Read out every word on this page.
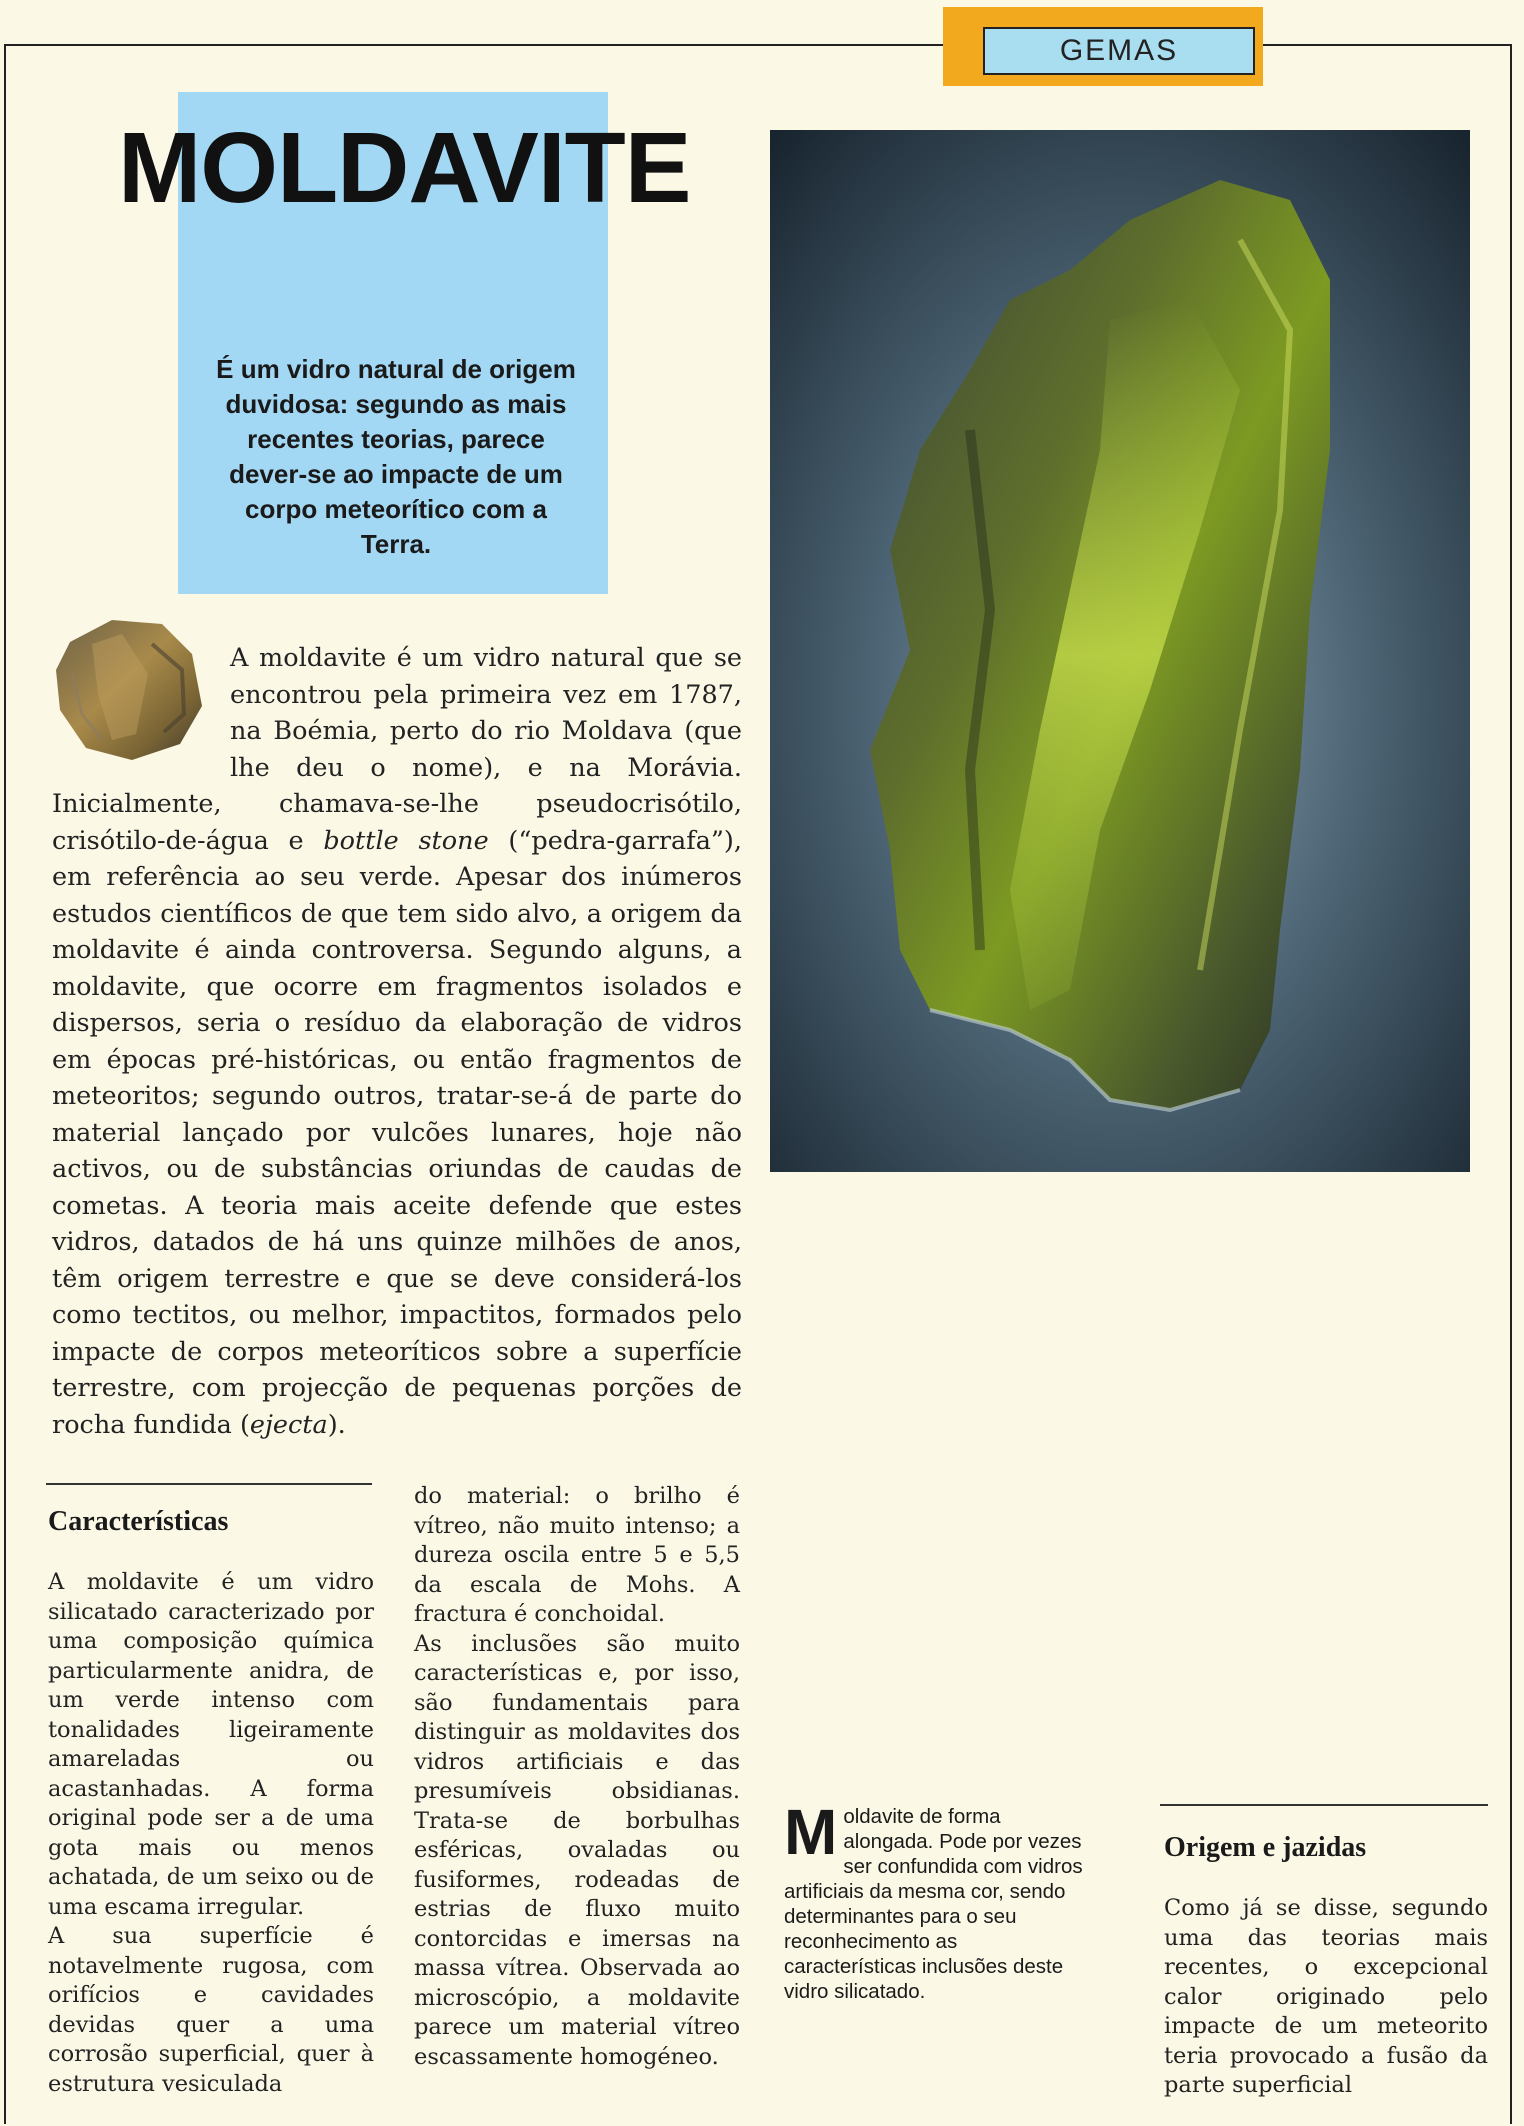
GEMAS
MOLDAVITE

É um vidro natural de origem duvidosa: segundo as mais recentes teorias, parece dever-se ao impacte de um corpo meteorítico com a Terra.

A moldavite é um vidro natural que se encontrou pela primeira vez em 1787, na Boémia, perto do rio Moldava (que lhe deu o nome), e na Morávia. Inicialmente, chamava-se-lhe pseudocrisótilo, crisótilo-de-água e bottle stone (“pedra-garrafa”), em referência ao seu verde. Apesar dos inúmeros estudos científicos de que tem sido alvo, a origem da moldavite é ainda controversa. Segundo alguns, a moldavite, que ocorre em fragmentos isolados e dispersos, seria o resíduo da elaboração de vidros em épocas pré-históricas, ou então fragmentos de meteoritos; segundo outros, tratar-se-á de parte do material lançado por vulcões lunares, hoje não activos, ou de substâncias oriundas de caudas de cometas. A teoria mais aceite defende que estes vidros, datados de há uns quinze milhões de anos, têm origem terrestre e que se deve considerá-los como tectitos, ou melhor, impactitos, formados pelo impacte de corpos meteoríticos sobre a superfície terrestre, com projecção de pequenas porções de rocha fundida (ejecta).

Características

A moldavite é um vidro silicatado caracterizado por uma composição química particularmente anidra, de um verde intenso com tonalidades ligeiramente amareladas ou acastanhadas. A forma original pode ser a de uma gota mais ou menos achatada, de um seixo ou de uma escama irregular.
A sua superfície é notavelmente rugosa, com orifícios e cavidades devidas quer a uma corrosão superficial, quer à estrutura vesiculada

do material: o brilho é vítreo, não muito intenso; a dureza oscila entre 5 e 5,5 da escala de Mohs. A fractura é conchoidal.
As inclusões são muito características e, por isso, são fundamentais para distinguir as moldavites dos vidros artificiais e das presumíveis obsidianas. Trata-se de borbulhas esféricas, ovaladas ou fusiformes, rodeadas de estrias de fluxo muito contorcidas e imersas na massa vítrea. Observada ao microscópio, a moldavite parece um material vítreo escassamente homogéneo.

Moldavite de forma alongada. Pode por vezes ser confundida com vidros artificiais da mesma cor, sendo determinantes para o seu reconhecimento as características inclusões deste vidro silicatado.

Origem e jazidas

Como já se disse, segundo uma das teorias mais recentes, o excepcional calor originado pelo impacte de um meteorito teria provocado a fusão da parte superficial
